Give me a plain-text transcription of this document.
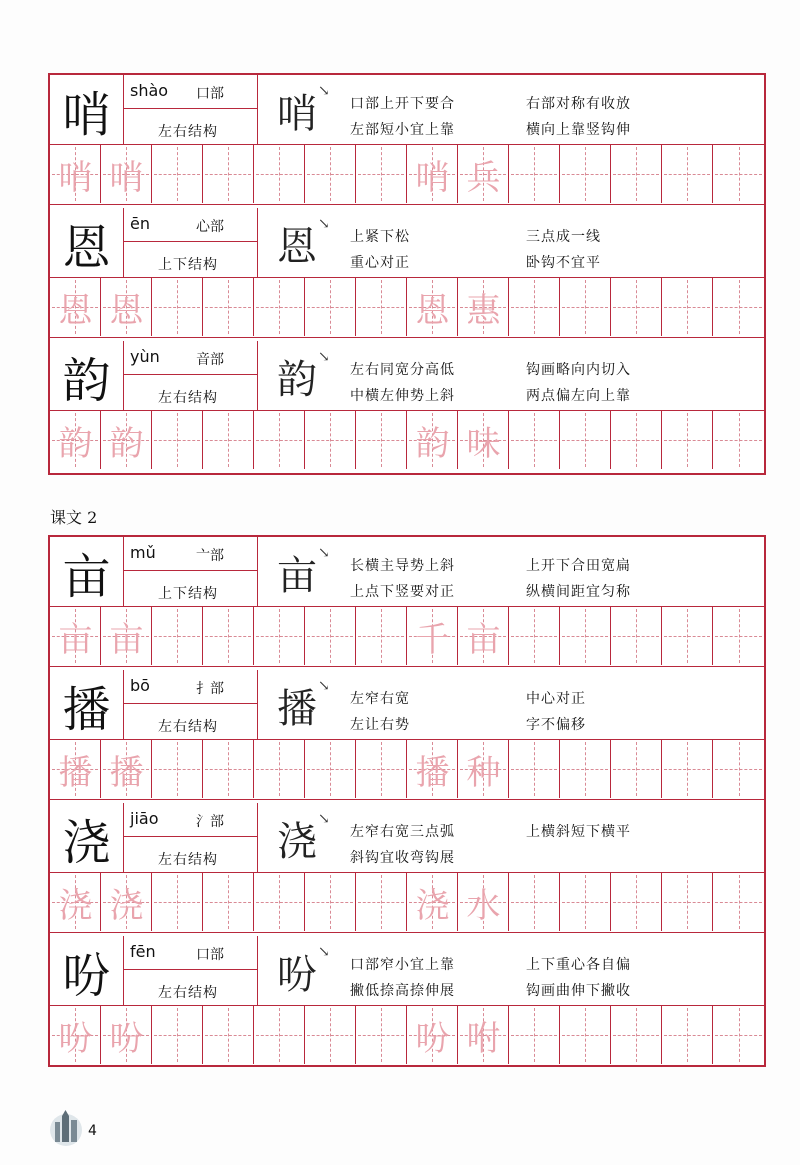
哨	shào 口部
左右结构	哨 ↘
口部上开下要合	右部对称有收放
左部短小宜上靠	横向上靠竖钩伸
哨 哨	哨 兵
恩	ēn	心部
上下结构	恩 ↘
上紧下松	三点成一线
重心对正	卧钩不宜平
恩 恩	恩 惠
韵	yùn	音部
左右结构	韵 ↘
左右同宽分高低	钩画略向内切入
中横左伸势上斜	两点偏左向上靠
韵 韵	韵 味
课文 2
亩	mǔ	亠部
上下结构	亩 ↘
长横主导势上斜	上开下合田宽扁
上点下竖要对正	纵横间距宜匀称
亩 亩	千 亩
播	bō	扌部
左右结构	播 ↘
左窄右宽	中心对正
左让右势	字不偏移
播 播	播 种
浇	jiāo	氵部
左右结构	浇 ↘
左窄右宽三点弧	上横斜短下横平
斜钩宜收弯钩展
浇 浇	浇 水
吩	fēn	口部
左右结构	吩 ↘
口部窄小宜上靠	上下重心各自偏
撇低捺高捺伸展	钩画曲伸下撇收
吩 吩	吩 咐
4
